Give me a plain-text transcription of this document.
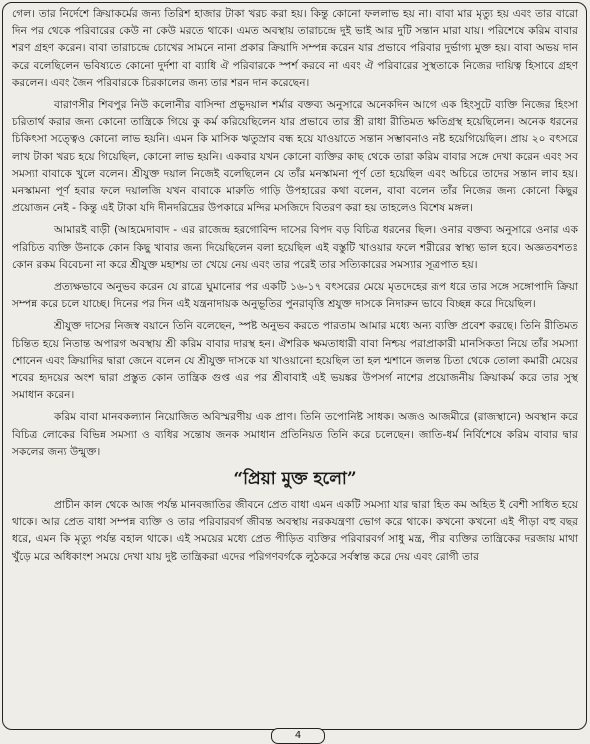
গেল। তার নির্দেশে ক্রিয়াকর্মের জন্য তিরিশ হাজার টাকা খরচ করা হয়। কিন্তু কোনো ফললাভ হয় না। বাবা মার মৃত্যু হয় এবং তার বারো দিন পর থেকে পরিবারের কেউ না কেউ মরতে থাকে। এমত অবস্থায় তারাচন্দ্রে দুই ভাই আর দুটি সন্তান মারা যায়। পরিশেষে করিম বাবার শরণ গ্রহণ করেন। বাবা তারাচন্দ্রে চোখের সামনে নানা প্রকার ক্রিয়াদি সম্পন্ন করেন যার প্রভাবে পরিবার দুর্ভাগ্য মুক্ত হয়। বাবা অভয় দান করে বলেছিলেন ভবিষ্যতে কোনো দুর্দশা বা ব্যাধি ঐ পরিবারকে স্পর্শ করবে না এবং ঐ পরিবারের সুস্থতাকে নিজের দায়িত্ব হিসাবে গ্রহণ করলেন। এবং জৈন পরিবারকে চিরকালের জন্য তার শরন দান করেছেন।

বারাণসীর শিবপুর নিউ কলোনীর বাসিন্দা প্রভুদয়াল শর্মার বক্তব্য অনুসারে অনেকদিন আগে এক হিংসুটে ব্যক্তি নিজের হিংসা চরিতার্থ করার জন্য কোনো তান্ত্রিকে গিয়ে কু কর্ম করিয়েছিলেন যার প্রভাবে তার স্ত্রী রাধা রীতিমত ক্ষতিগ্রস্থ হয়েছিলেন। অনেক ধরনের চিকিৎসা সত্ত্বেও কোনো লাভ হয়নি। এমন কি মাসিক ঋতুস্রাব বন্ধ হয়ে যাওয়াতে সন্তান সম্ভাবনাও নষ্ট হয়েগিয়েছিল। প্রায় ২০ বৎসরে লাখ টাকা খরচ হয়ে গিয়েছিল, কোনো লাভ হয়নি। একবার যখন কোনো ব্যক্তির কাছ থেকে তারা করিম বাবার সঙ্গে দেখা করেন এবং সব সমস্যা বাবাকে খুলে বলেন। শ্রীযুক্ত দয়াল নিজেই বলেছিলেন যে তাঁর মনস্কামনা পূর্ণ তো হয়েছিল এবং অচিরে তাদের সন্তান লাব হয়। মনস্কামনা পূর্ণ হবার ফলে দয়ালজি যখন বাবাকে মারুতি গাড়ি উপহারের কথা বলেন, বাবা বলেন তাঁর নিজের জন্য কোনো কিছুর প্রয়োজন নেই - কিন্তু এই টাকা যদি দীনদরিদ্রের উপকারে মন্দির মসজিদে বিতরণ করা হয় তাহলেও বিশেষ মঙ্গল।

আমারই বাড়ী (আহমেদাবাদ - এর রাজেন্দ্র হরগোবিন্দ দাসের বিপদ বড় বিচিত্র ধরনের ছিল। ওনার বক্তব্য অনুসারে ওনার এক পরিচিত ব্যক্তি উনাকে কোন কিছু খাবার জন্য দিয়েছিলেন বলা হয়েছিল এই বস্তুটি খাওয়ার ফলে শরীরের স্বাস্থ্য ভাল হবে। অজ্ঞতবশতঃ কোন রকম বিবেচনা না করে শ্রীযুক্ত মহাশয় তা খেয়ে নেয় এবং তার পরেই তার সত্যিকারের সমস্যার সূত্রপাত হয়।

প্রত্যক্ষভাবে অনুভব করেন যে রাত্রে ঘুমানোর পর একটি ১৬-১৭ বৎসরের মেয়ে মৃতদেহের রূপ ধরে তার সঙ্গে সঙ্গোপাদি ক্রিয়া সম্পন্ন করে চলে যাচ্ছে। দিনের পর দিন এই যন্ত্রনাদায়ক অনুভূতির পুনরাবৃত্তি শ্রযুক্ত দাসকে নিদারুন ভাবে বিচ্ছন্ন করে দিয়েছিল।

শ্রীযুক্ত দাসের নিজস্ব বয়ানে তিনি বলেছেন, স্পষ্ট অনুভব করতে পারতাম আমার মধ্যে অন্য ব্যক্তি প্রবেশ করছে। তিনি রীতিমত চিন্তিত হয়ে নিতান্ত অপারগ অবস্থায় শ্রী করিম বাবার দারস্থ হন। ঐশরিক ক্ষমতাধারী বাবা নিশ্চয় পরাপ্রাকারী মানসিকতা নিয়ে তাঁর সমস্যা শোনেন এবং ক্রিয়াদির দ্বারা জেনে বলেন যে শ্রীযুক্ত দাসকে যা খাওয়ানো হয়েছিল তা হল শ্মশানে জলন্ত চিতা থেকে তোলা কমারী মেয়ের শবের হৃদয়ের অংশ দ্বারা প্রস্তুত কোন তান্ত্রিক গুপ্ত এর পর শ্রীবাবাই এই ভয়ঙ্কর উপসর্গ নাশের প্রয়োজনীয় ক্রিয়াকর্ম করে তার সুস্থ সমাধান করেন।

করিম বাবা মানবকল্যান নিয়োজিত অবিস্মরণীয় এক প্রাণ। তিনি তপোনিষ্ট সাধক। অজও আজমীরে (রাজস্থানে) অবস্থান করে বিচিত্র লোকের বিভিন্ন সমস্যা ও ব্যধির সন্তোষ জনক সমাধান প্রতিনিয়ত তিনি করে চলেছেন। জাতি-ধর্ম নির্বিশেষে করিম বাবার দ্বার সকলের জন্য উন্মুক্ত।

“প্রিয়া মুক্ত হলো”

প্রাচীন কাল থেকে আজ পর্যন্ত মানবজাতির জীবনে প্রেত বাধা এমন একটি সমস্যা যার দ্বারা হিত কম অহিত ই বেশী সাধিত হয়ে থাকে। আর প্রেত বাধা সম্পন্ন ব্যক্তি ও তার পরিবারবর্গ জীবন্ত অবস্থায় নরকযন্ত্রণা ভোগ করে থাকে। কখনো কখনো এই পীড়া বহু বছর ধরে, এমন কি মৃত্যু পর্যন্ত বহাল থাকে। এই সময়ের মধ্যে প্রেত পীড়িত ব্যক্তির পরিবারবর্গ সাধু মন্ত্র, পীর ব্যক্তির তান্ত্রিকের দরজায় মাথা খুঁড়ে মরে অধিকাংশ সময়ে দেখা যায় দুষ্ট তান্ত্রিকরা এদের পরিগণবর্গকে লুঠকরে সর্বস্বান্ত করে দেয় এবং রোগী তার

4
